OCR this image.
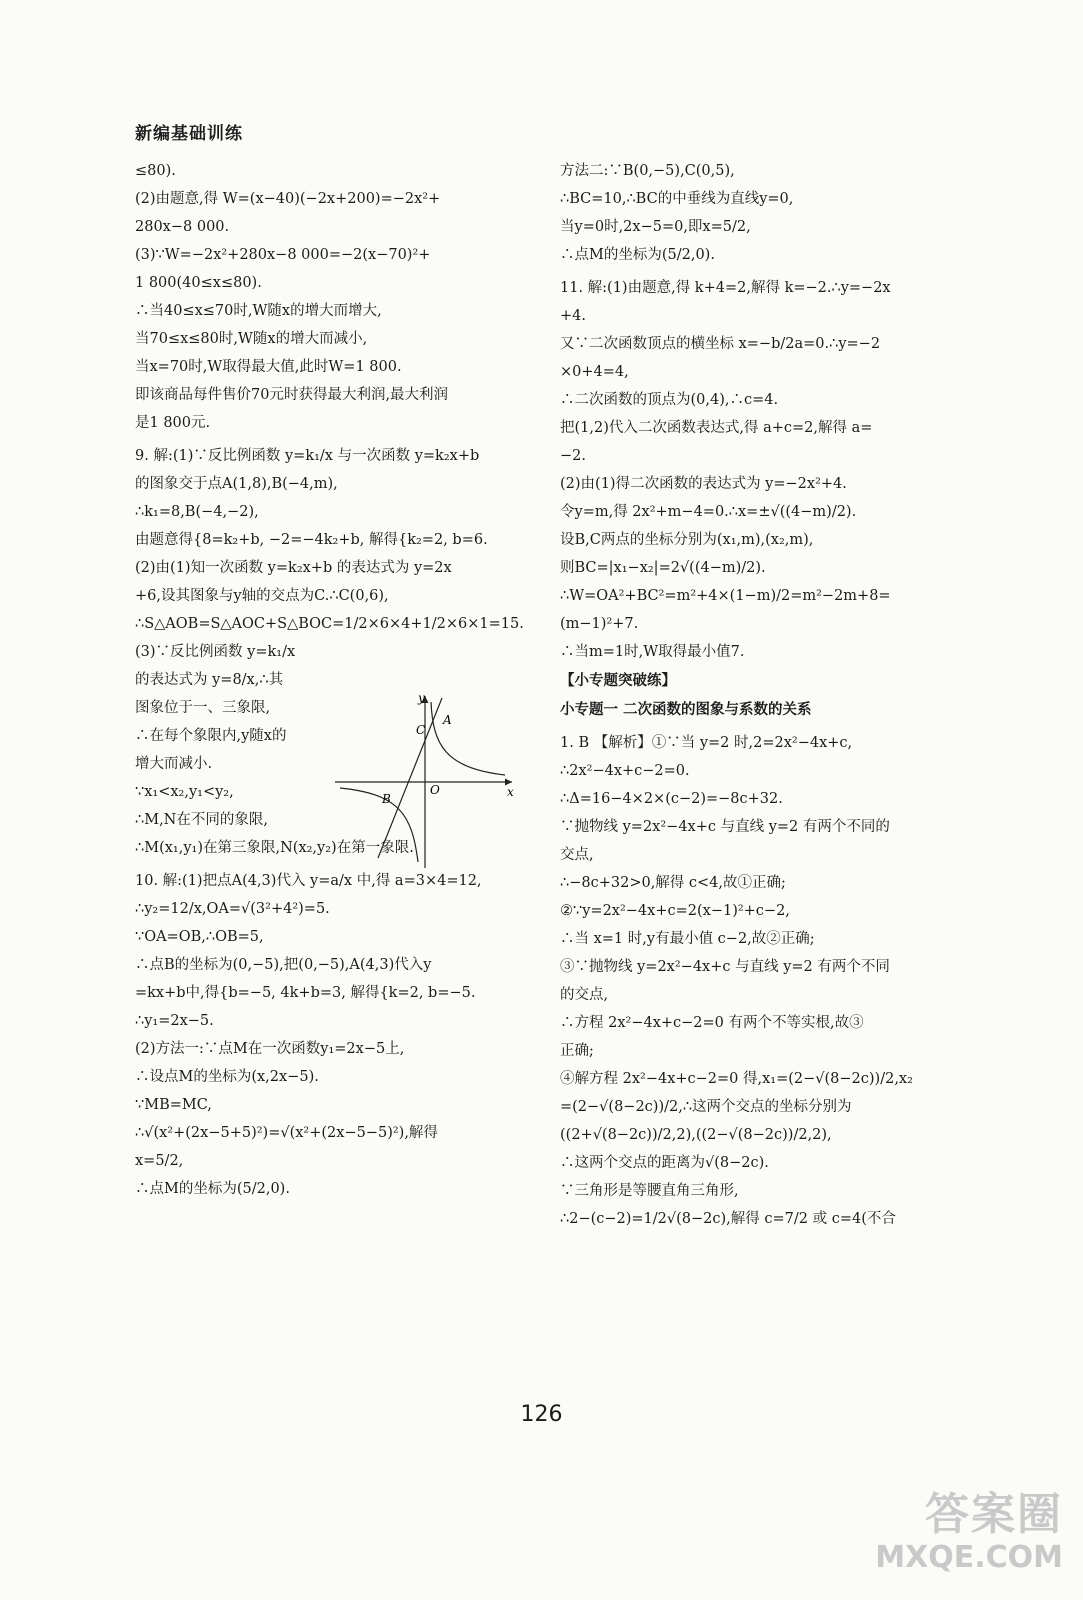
新编基础训练
≤80).
(2)由题意,得 W=(x−40)(−2x+200)=−2x²+
280x−8 000.
(3)∵W=−2x²+280x−8 000=−2(x−70)²+
1 800(40≤x≤80).
∴当40≤x≤70时,W随x的增大而增大,
当70≤x≤80时,W随x的增大而减小,
当x=70时,W取得最大值,此时W=1 800.
即该商品每件售价70元时获得最大利润,最大利润
是1 800元.
9. 解:(1)∵反比例函数 y=k₁/x 与一次函数 y=k₂x+b
的图象交于点A(1,8),B(−4,m),
∴k₁=8,B(−4,−2),
由题意得{8=k₂+b, −2=−4k₂+b, 解得{k₂=2, b=6.
(2)由(1)知一次函数 y=k₂x+b 的表达式为 y=2x
+6,设其图象与y轴的交点为C.∴C(0,6),
∴S△AOB=S△AOC+S△BOC=1/2×6×4+1/2×6×1=15.
(3)∵反比例函数 y=k₁/x
的表达式为 y=8/x,∴其
图象位于一、三象限,
∴在每个象限内,y随x的
增大而减小.
∵x₁<x₂,y₁<y₂,
∴M,N在不同的象限,
∴M(x₁,y₁)在第三象限,N(x₂,y₂)在第一象限.
10. 解:(1)把点A(4,3)代入 y=a/x 中,得 a=3×4=12,
∴y₂=12/x,OA=√(3²+4²)=5.
∵OA=OB,∴OB=5,
∴点B的坐标为(0,−5),把(0,−5),A(4,3)代入y
=kx+b中,得{b=−5, 4k+b=3, 解得{k=2, b=−5.
∴y₁=2x−5.
(2)方法一:∵点M在一次函数y₁=2x−5上,
∴设点M的坐标为(x,2x−5).
∵MB=MC,
∴√(x²+(2x−5+5)²)=√(x²+(2x−5−5)²),解得
x=5/2,
∴点M的坐标为(5/2,0).
方法二:∵B(0,−5),C(0,5),
∴BC=10,∴BC的中垂线为直线y=0,
当y=0时,2x−5=0,即x=5/2,
∴点M的坐标为(5/2,0).
11. 解:(1)由题意,得 k+4=2,解得 k=−2.∴y=−2x
+4.
又∵二次函数顶点的横坐标 x=−b/2a=0.∴y=−2
×0+4=4,
∴二次函数的顶点为(0,4),∴c=4.
把(1,2)代入二次函数表达式,得 a+c=2,解得 a=
−2.
(2)由(1)得二次函数的表达式为 y=−2x²+4.
令y=m,得 2x²+m−4=0.∴x=±√((4−m)/2).
设B,C两点的坐标分别为(x₁,m),(x₂,m),
则BC=|x₁−x₂|=2√((4−m)/2).
∴W=OA²+BC²=m²+4×(1−m)/2=m²−2m+8=
(m−1)²+7.
∴当m=1时,W取得最小值7.
【小专题突破练】
小专题一 二次函数的图象与系数的关系
1. B 【解析】①∵当 y=2 时,2=2x²−4x+c,
∴2x²−4x+c−2=0.
∴Δ=16−4×2×(c−2)=−8c+32.
∵抛物线 y=2x²−4x+c 与直线 y=2 有两个不同的
交点,
∴−8c+32>0,解得 c<4,故①正确;
②∵y=2x²−4x+c=2(x−1)²+c−2,
∴当 x=1 时,y有最小值 c−2,故②正确;
③∵抛物线 y=2x²−4x+c 与直线 y=2 有两个不同
的交点,
∴方程 2x²−4x+c−2=0 有两个不等实根,故③
正确;
④解方程 2x²−4x+c−2=0 得,x₁=(2−√(8−2c))/2,x₂
=(2−√(8−2c))/2,∴这两个交点的坐标分别为
((2+√(8−2c))/2,2),((2−√(8−2c))/2,2),
∴这两个交点的距离为√(8−2c).
∵三角形是等腰直角三角形,
∴2−(c−2)=1/2√(8−2c),解得 c=7/2 或 c=4(不合
y
x
O
A
B
C
126
答案圈
MXQE.COM
